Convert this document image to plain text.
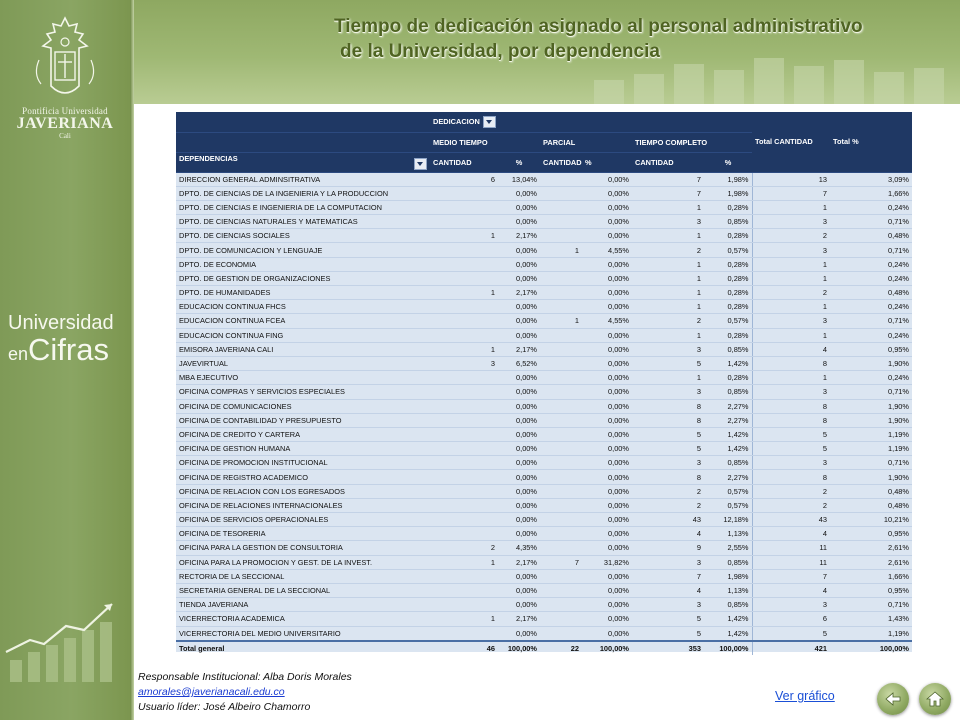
Pontificia Universidad
JAVERIANA
Cali
Universidad
enCifras
Tiempo de dedicación asignado al personal administrativo
de la Universidad, por dependencia
	DEDICACION						Total CANTIDAD	Total %
	MEDIO TIEMPO		PARCIAL		TIEMPO COMPLETO			
DEPENDENCIAS	CANTIDAD	%	CANTIDAD	%	CANTIDAD	%		
DIRECCION GENERAL ADMINSITRATIVA	6	13,04%		0,00%	7	1,98%	13	3,09%
DPTO. DE CIENCIAS DE LA INGENIERIA Y LA PRODUCCION		0,00%		0,00%	7	1,98%	7	1,66%
DPTO. DE CIENCIAS E INGENIERIA DE LA COMPUTACION		0,00%		0,00%	1	0,28%	1	0,24%
DPTO. DE CIENCIAS NATURALES Y MATEMATICAS		0,00%		0,00%	3	0,85%	3	0,71%
DPTO. DE CIENCIAS SOCIALES	1	2,17%		0,00%	1	0,28%	2	0,48%
DPTO. DE COMUNICACION Y LENGUAJE		0,00%	1	4,55%	2	0,57%	3	0,71%
DPTO. DE ECONOMIA		0,00%		0,00%	1	0,28%	1	0,24%
DPTO. DE GESTION DE ORGANIZACIONES		0,00%		0,00%	1	0,28%	1	0,24%
DPTO. DE HUMANIDADES	1	2,17%		0,00%	1	0,28%	2	0,48%
EDUCACION CONTINUA FHCS		0,00%		0,00%	1	0,28%	1	0,24%
EDUCACION CONTINUA FCEA		0,00%	1	4,55%	2	0,57%	3	0,71%
EDUCACION CONTINUA FING		0,00%		0,00%	1	0,28%	1	0,24%
EMISORA JAVERIANA CALI	1	2,17%		0,00%	3	0,85%	4	0,95%
JAVEVIRTUAL	3	6,52%		0,00%	5	1,42%	8	1,90%
MBA EJECUTIVO		0,00%		0,00%	1	0,28%	1	0,24%
OFICINA COMPRAS Y SERVICIOS ESPECIALES		0,00%		0,00%	3	0,85%	3	0,71%
OFICINA DE COMUNICACIONES		0,00%		0,00%	8	2,27%	8	1,90%
OFICINA DE CONTABILIDAD Y PRESUPUESTO		0,00%		0,00%	8	2,27%	8	1,90%
OFICINA DE CREDITO Y CARTERA		0,00%		0,00%	5	1,42%	5	1,19%
OFICINA DE GESTION HUMANA		0,00%		0,00%	5	1,42%	5	1,19%
OFICINA DE PROMOCION INSTITUCIONAL		0,00%		0,00%	3	0,85%	3	0,71%
OFICINA DE REGISTRO ACADEMICO		0,00%		0,00%	8	2,27%	8	1,90%
OFICINA DE RELACION CON LOS EGRESADOS		0,00%		0,00%	2	0,57%	2	0,48%
OFICINA DE RELACIONES INTERNACIONALES		0,00%		0,00%	2	0,57%	2	0,48%
OFICINA DE SERVICIOS OPERACIONALES		0,00%		0,00%	43	12,18%	43	10,21%
OFICINA DE TESORERIA		0,00%		0,00%	4	1,13%	4	0,95%
OFICINA PARA LA GESTION DE CONSULTORIA	2	4,35%		0,00%	9	2,55%	11	2,61%
OFICINA PARA LA PROMOCION Y GEST. DE LA INVEST.	1	2,17%	7	31,82%	3	0,85%	11	2,61%
RECTORIA DE LA SECCIONAL		0,00%		0,00%	7	1,98%	7	1,66%
SECRETARIA GENERAL DE LA SECCIONAL		0,00%		0,00%	4	1,13%	4	0,95%
TIENDA JAVERIANA		0,00%		0,00%	3	0,85%	3	0,71%
VICERRECTORIA ACADEMICA	1	2,17%		0,00%	5	1,42%	6	1,43%
VICERRECTORIA DEL MEDIO UNIVERSITARIO		0,00%		0,00%	5	1,42%	5	1,19%
Total general	46	100,00%	22	100,00%	353	100,00%	421	100,00%
Responsable Institucional: Alba Doris Morales
amorales@javerianacali.edu.co
Usuario líder: José Albeiro Chamorro
Ver gráfico
